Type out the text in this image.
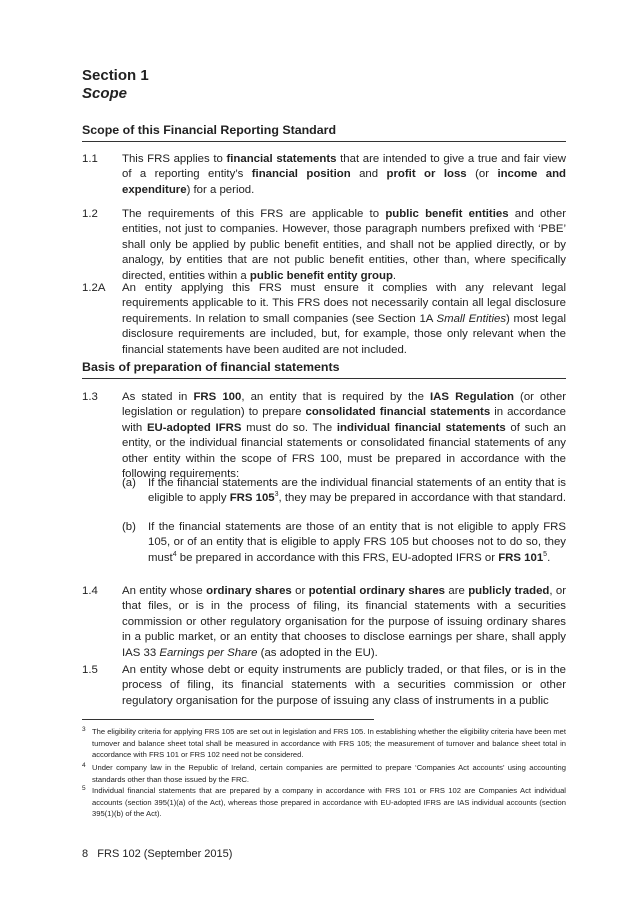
Section 1
Scope
Scope of this Financial Reporting Standard
1.1 This FRS applies to financial statements that are intended to give a true and fair view of a reporting entity’s financial position and profit or loss (or income and expenditure) for a period.
1.2 The requirements of this FRS are applicable to public benefit entities and other entities, not just to companies. However, those paragraph numbers prefixed with ‘PBE’ shall only be applied by public benefit entities, and shall not be applied directly, or by analogy, by entities that are not public benefit entities, other than, where specifically directed, entities within a public benefit entity group.
1.2A An entity applying this FRS must ensure it complies with any relevant legal requirements applicable to it. This FRS does not necessarily contain all legal disclosure requirements. In relation to small companies (see Section 1A Small Entities) most legal disclosure requirements are included, but, for example, those only relevant when the financial statements have been audited are not included.
Basis of preparation of financial statements
1.3 As stated in FRS 100, an entity that is required by the IAS Regulation (or other legislation or regulation) to prepare consolidated financial statements in accordance with EU-adopted IFRS must do so. The individual financial statements of such an entity, or the individual financial statements or consolidated financial statements of any other entity within the scope of FRS 100, must be prepared in accordance with the following requirements:
(a) If the financial statements are the individual financial statements of an entity that is eligible to apply FRS $105^3$, they may be prepared in accordance with that standard.
(b) If the financial statements are those of an entity that is not eligible to apply FRS 105, or of an entity that is eligible to apply FRS 105 but chooses not to do so, they must$^4$ be prepared in accordance with this FRS, EU-adopted IFRS or FRS $101^5$.
1.4 An entity whose ordinary shares or potential ordinary shares are publicly traded, or that files, or is in the process of filing, its financial statements with a securities commission or other regulatory organisation for the purpose of issuing ordinary shares in a public market, or an entity that chooses to disclose earnings per share, shall apply IAS 33 Earnings per Share (as adopted in the EU).
1.5 An entity whose debt or equity instruments are publicly traded, or that files, or is in the process of filing, its financial statements with a securities commission or other regulatory organisation for the purpose of issuing any class of instruments in a public
3 The eligibility criteria for applying FRS 105 are set out in legislation and FRS 105. In establishing whether the eligibility criteria have been met turnover and balance sheet total shall be measured in accordance with FRS 105; the measurement of turnover and balance sheet total in accordance with FRS 101 or FRS 102 need not be considered.
4 Under company law in the Republic of Ireland, certain companies are permitted to prepare ‘Companies Act accounts’ using accounting standards other than those issued by the FRC.
5 Individual financial statements that are prepared by a company in accordance with FRS 101 or FRS 102 are Companies Act individual accounts (section 395(1)(a) of the Act), whereas those prepared in accordance with EU-adopted IFRS are IAS individual accounts (section 395(1)(b) of the Act).
8 FRS 102 (September 2015)
